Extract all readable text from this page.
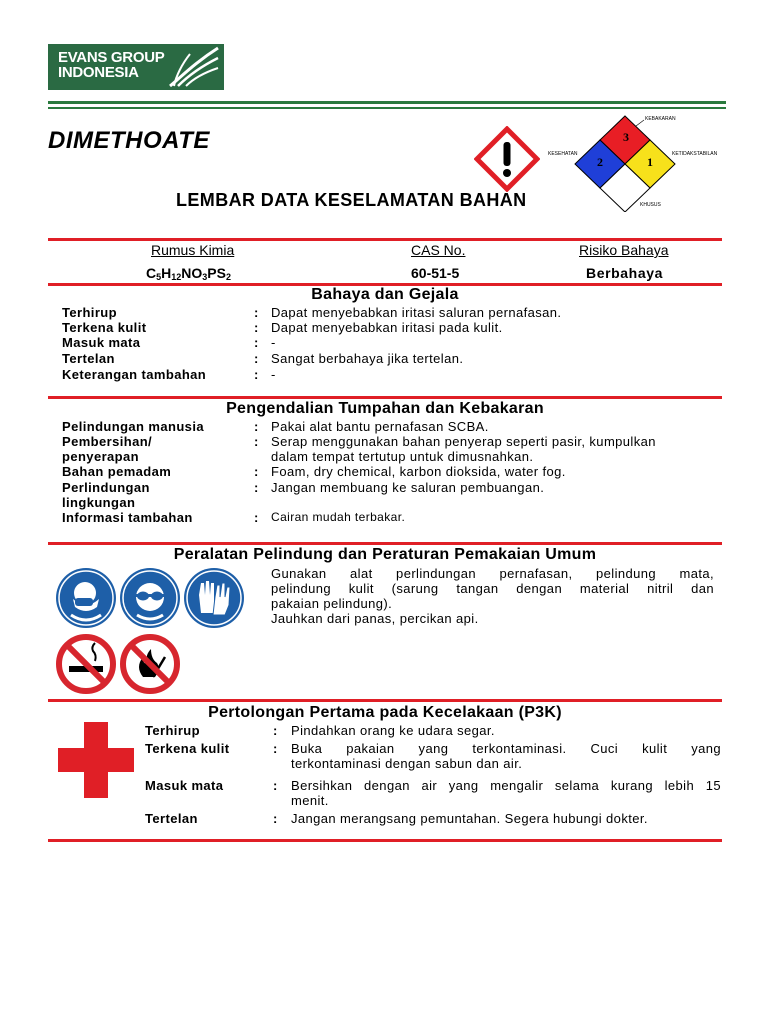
EVANS GROUP
INDONESIA
DIMETHOATE
LEMBAR DATA KESELAMATAN BAHAN
3
2	1
KEBAKARAN
KESEHATAN	KETIDAKSTABILAN
KHUSUS
Rumus Kimia	CAS No.	Risiko Bahaya
$C_5H_{12}NO_3PS_2$	60-51-5	Berbahaya
Bahaya dan Gejala
Terhirup	: Dapat menyebabkan iritasi saluran pernafasan.
Terkena kulit	: Dapat menyebabkan iritasi pada kulit.
Masuk mata	: -
Tertelan	: Sangat berbahaya jika tertelan.
Keterangan tambahan	: -
Pengendalian Tumpahan dan Kebakaran
Pelindungan manusia	: Pakai alat bantu pernafasan SCBA.
Pembersihan/
penyerapan
: Serap menggunakan bahan penyerap seperti pasir, kumpulkan
dalam tempat tertutup untuk dimusnahkan.
Bahan pemadam	: Foam, dry chemical, karbon dioksida, water fog.
Perlindungan
lingkungan
: Jangan membuang ke saluran pembuangan.
Informasi tambahan	: Cairan mudah terbakar.
Peralatan Pelindung dan Peraturan Pemakaian Umum
Gunakan alat perlindungan pernafasan, pelindung mata,
pelindung kulit (sarung tangan dengan material nitril dan
pakaian pelindung).
Jauhkan dari panas, percikan api.
Pertolongan Pertama pada Kecelakaan (P3K)
Terhirup	: Pindahkan orang ke udara segar.
Terkena kulit	: Buka pakaian yang terkontaminasi. Cuci kulit yang
terkontaminasi dengan sabun dan air.
Masuk mata	: Bersihkan dengan air yang mengalir selama kurang lebih 15
menit.
Tertelan	: Jangan merangsang pemuntahan. Segera hubungi dokter.
